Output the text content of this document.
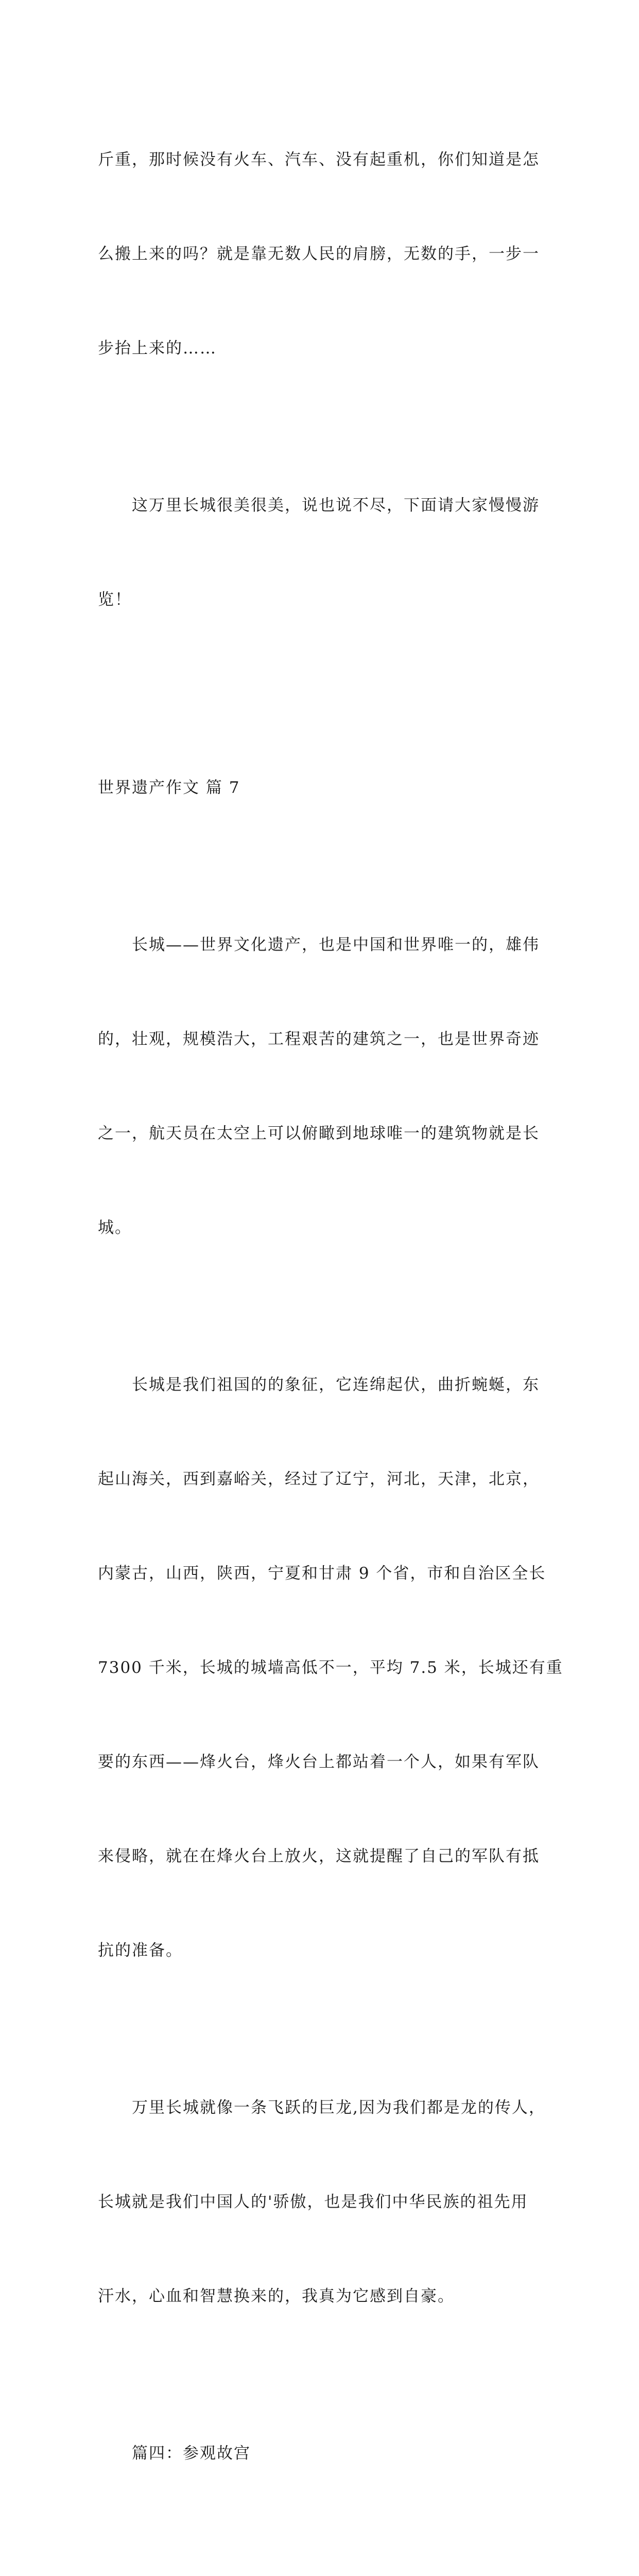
斤重，那时候没有火车、汽车、没有起重机，你们知道是怎

么搬上来的吗？就是靠无数人民的肩膀，无数的手，一步一

步抬上来的……

　　这万里长城很美很美，说也说不尽，下面请大家慢慢游

览！

世界遗产作文 篇 7

　　长城——世界文化遗产，也是中国和世界唯一的，雄伟

的，壮观，规模浩大，工程艰苦的建筑之一，也是世界奇迹

之一，航天员在太空上可以俯瞰到地球唯一的建筑物就是长

城。

　　长城是我们祖国的的象征，它连绵起伏，曲折蜿蜒，东

起山海关，西到嘉峪关，经过了辽宁，河北，天津，北京，

内蒙古，山西，陕西，宁夏和甘肃 9 个省，市和自治区全长

7300 千米，长城的城墙高低不一，平均 7.5 米，长城还有重

要的东西——烽火台，烽火台上都站着一个人，如果有军队

来侵略，就在在烽火台上放火，这就提醒了自己的军队有抵

抗的准备。

　　万里长城就像一条飞跃的巨龙,因为我们都是龙的传人，

长城就是我们中国人的'骄傲，也是我们中华民族的祖先用

汗水，心血和智慧换来的，我真为它感到自豪。

　　篇四：参观故宫
